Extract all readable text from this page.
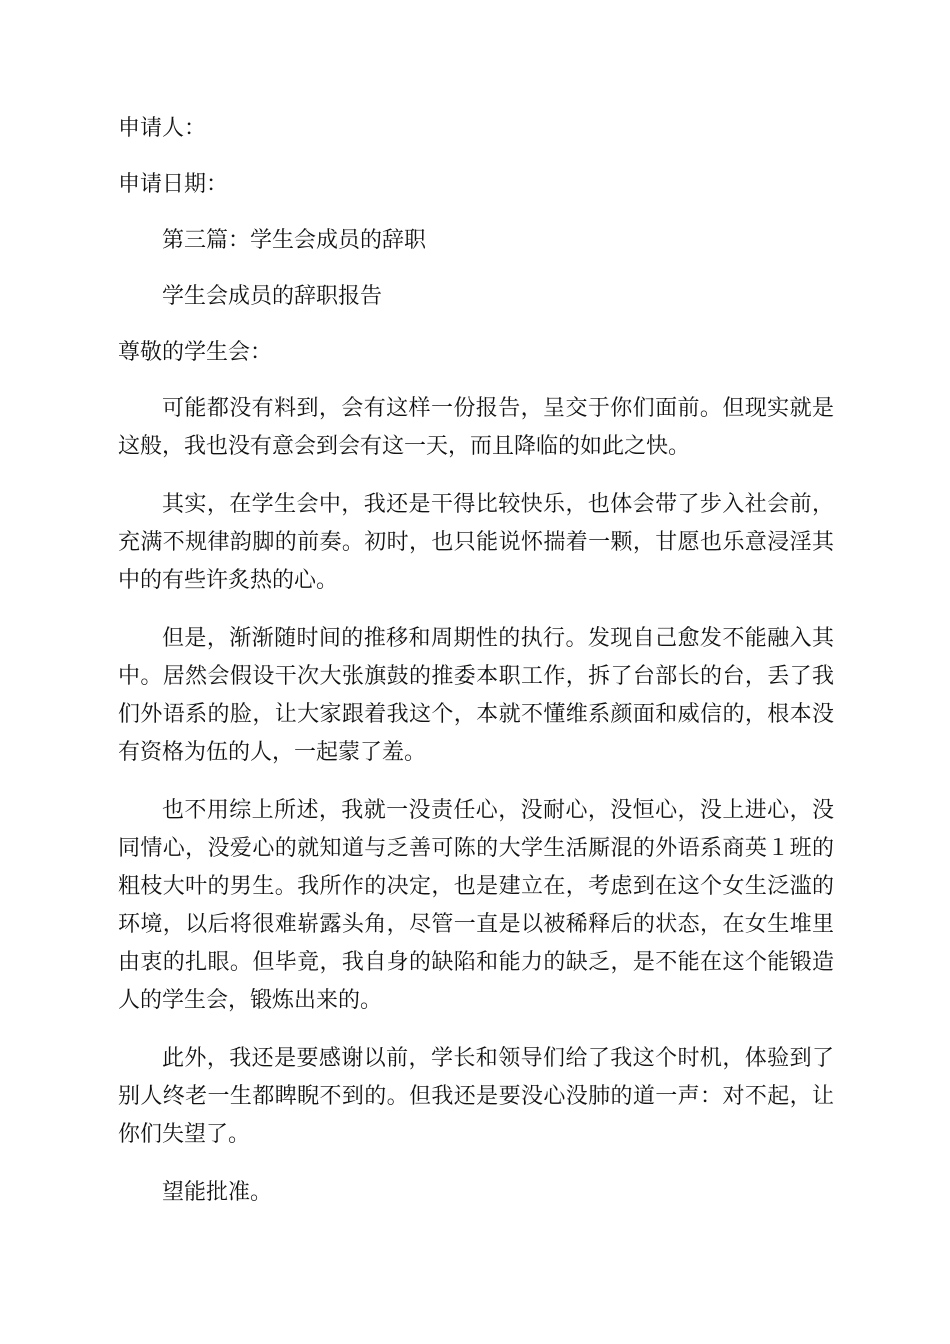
申请人：

申请日期：

第三篇：学生会成员的辞职

学生会成员的辞职报告

尊敬的学生会：

可能都没有料到，会有这样一份报告，呈交于你们面前。但现实就是这般，我也没有意会到会有这一天，而且降临的如此之快。

其实，在学生会中，我还是干得比较快乐，也体会带了步入社会前，充满不规律韵脚的前奏。初时，也只能说怀揣着一颗，甘愿也乐意浸淫其中的有些许炙热的心。

但是，渐渐随时间的推移和周期性的执行。发现自己愈发不能融入其中。居然会假设干次大张旗鼓的推委本职工作，拆了台部长的台，丢了我们外语系的脸，让大家跟着我这个，本就不懂维系颜面和威信的，根本没有资格为伍的人，一起蒙了羞。

也不用综上所述，我就一没责任心，没耐心，没恒心，没上进心，没同情心，没爱心的就知道与乏善可陈的大学生活厮混的外语系商英１班的粗枝大叶的男生。我所作的决定，也是建立在，考虑到在这个女生泛滥的环境，以后将很难崭露头角，尽管一直是以被稀释后的状态，在女生堆里由衷的扎眼。但毕竟，我自身的缺陷和能力的缺乏，是不能在这个能锻造人的学生会，锻炼出来的。

此外，我还是要感谢以前，学长和领导们给了我这个时机，体验到了别人终老一生都睥睨不到的。但我还是要没心没肺的道一声：对不起，让你们失望了。

望能批准。
